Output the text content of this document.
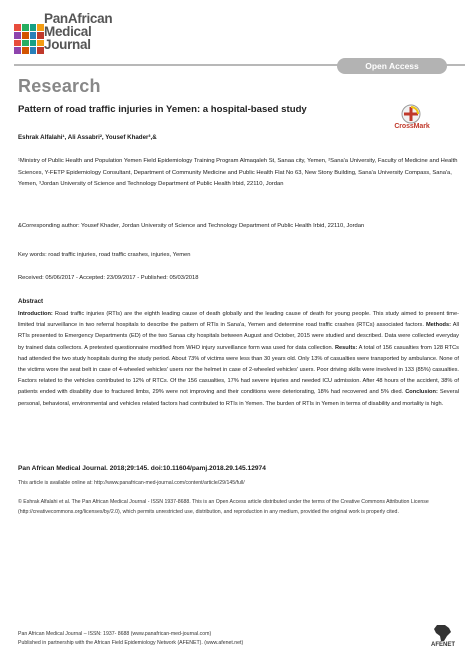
PanAfrican
Medical
Journal
Open Access
Research
Pattern of road traffic injuries in Yemen: a hospital-based study
CrossMark
Eshrak Alfalahi¹, Ali Assabri², Yousef Khader³,&
¹Ministry of Public Health and Population Yemen Field Epidemiology Training Program Almaqaleh St, Sanaa city, Yemen, ²Sana'a University, Faculty of Medicine and Health Sciences, Y-FETP Epidemiology Consultant, Department of Community Medicine and Public Health Flat No 63, New Stony Building, Sana'a University Compass, Sana'a, Yemen, ³Jordan University of Science and Technology Department of Public Health Irbid, 22110, Jordan
&Corresponding author: Yousef Khader, Jordan University of Science and Technology Department of Public Health Irbid, 22110, Jordan
Key words: road traffic injuries, road traffic crashes, injuries, Yemen
Received: 05/06/2017 - Accepted: 23/09/2017 - Published: 05/03/2018
Abstract
Introduction: Road traffic injuries (RTIs) are the eighth leading cause of death globally and the leading cause of death for young people. This study aimed to present time-limited trial surveillance in two referral hospitals to describe the pattern of RTIs in Sana'a, Yemen and determine road traffic crashes (RTCs) associated factors. Methods: All RTIs presented to Emergency Departments (ED) of the two Sanaa city hospitals between August and October, 2015 were studied and described. Data were collected everyday by trained data collectors. A pretested questionnaire modified from WHO injury surveillance form was used for data collection. Results: A total of 156 casualties from 128 RTCs had attended the two study hospitals during the study period. About 73% of victims were less than 30 years old. Only 13% of casualties were transported by ambulance. None of the victims wore the seat belt in case of 4-wheeled vehicles' users nor the helmet in case of 2-wheeled vehicles' users. Poor driving skills were involved in 133 (85%) casualties. Factors related to the vehicles contributed to 12% of RTCs. Of the 156 casualties, 17% had severe injuries and needed ICU admission. After 48 hours of the accident, 38% of patients ended with disability due to fractured limbs, 29% were not improving and their conditions were deteriorating, 18% had recovered and 5% died. Conclusion: Several personal, behavioral, environmental and vehicles related factors had contributed to RTIs in Yemen. The burden of RTIs in Yemen in terms of disability and mortality is high.
Pan African Medical Journal. 2018;29:145. doi:10.11604/pamj.2018.29.145.12974
This article is available online at: http://www.panafrican-med-journal.com/content/article/29/145/full/
© Eshrak Alfalahi et al. The Pan African Medical Journal - ISSN 1937-8688. This is an Open Access article distributed under the terms of the Creative Commons Attribution License (http://creativecommons.org/licenses/by/2.0), which permits unrestricted use, distribution, and reproduction in any medium, provided the original work is properly cited.
Pan African Medical Journal – ISSN: 1937- 8688 (www.panafrican-med-journal.com)
Published in partnership with the African Field Epidemiology Network (AFENET). (www.afenet.net)	AFENET
